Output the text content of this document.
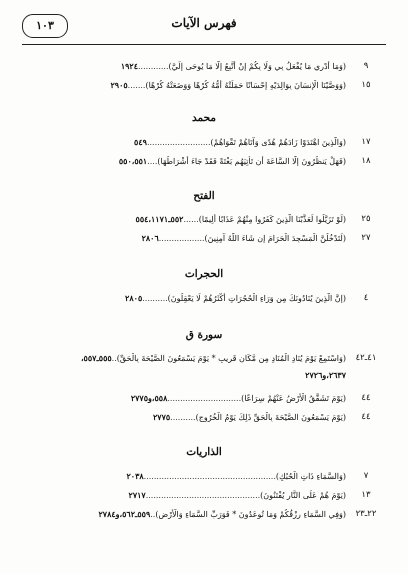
فهرس الآيات
١٠٣
٩
(وَمَا أَدْرِي مَا يُفْعَلُ بِي وَلَا بِكُمْ إِنْ أَتَّبِعُ إِلَّا مَا يُوحَى إِلَيَّ)............١٩٢٤
١٥
(وَوَصَّيْنَا الْإِنسَانَ بِوَالِدَيْهِ إِحْسَانًا حَمَلَتْهُ أُمُّهُ كُرْهًا وَوَضَعَتْهُ كُرْهًا).......٢٩٠٥
محمد
١٧
(وَالَّذِينَ اهْتَدَوْا زَادَهُمْ هُدًى وَآتَاهُمْ تَقْوَاهُمْ).........................٥٤٩
١٨
(فَهَلْ يَنظُرُونَ إِلَّا السَّاعَةَ أَن تَأْتِيَهُم بَغْتَةً فَقَدْ جَاءَ أَشْرَاطُهَا)....٥٥٠،٥٥١
الفتح
٢٥
(لَوْ تَزَيَّلُوا لَعَذَّبْنَا الَّذِينَ كَفَرُوا مِنْهُمْ عَذَابًا أَلِيمًا)......٥٥٢ـ٥٥٤،١١٧١
٢٧
(لَتَدْخُلُنَّ الْمَسْجِدَ الْحَرَامَ إِن شَاءَ اللَّهُ آمِنِينَ)..................٢٨٠٦
الحجرات
٤
(إِنَّ الَّذِينَ يُنَادُونَكَ مِن وَرَاءِ الْحُجُرَاتِ أَكْثَرُهُمْ لَا يَعْقِلُونَ)..........٢٨٠٥
سورة ق
٤١ـ٤٢
(وَاسْتَمِعْ يَوْمَ يُنَادِ الْمُنَادِ مِن مَّكَانٍ قَرِيبٍ * يَوْمَ يَسْمَعُونَ الصَّيْحَةَ بِالْحَقِّ)..٥٥٥ـ٥٥٧،
٢٦٣٧،و٢٧٢٦
٤٤
(يَوْمَ تَشَقَّقُ الْأَرْضُ عَنْهُمْ سِرَاعًا).............................٥٥٨،و٢٧٧٥
٤٤
(يَوْمَ يَسْمَعُونَ الصَّيْحَةَ بِالْحَقِّ ذَلِكَ يَوْمُ الْخُرُوجِ)..........٢٧٧٥
الذاريات
٧
(وَالسَّمَاءِ ذَاتِ الْحُبُكِ)....................................................٢٠٣٨
١٣
(يَوْمَ هُمْ عَلَى النَّارِ يُفْتَنُونَ).............................................٢٧١٧
٢٢ـ٢٣
(وَفِي السَّمَاءِ رِزْقُكُمْ وَمَا تُوعَدُونَ * فَوَرَبِّ السَّمَاءِ وَالْأَرْضِ)..٥٥٩ـ٥٦٢،و٢٧٨٤
